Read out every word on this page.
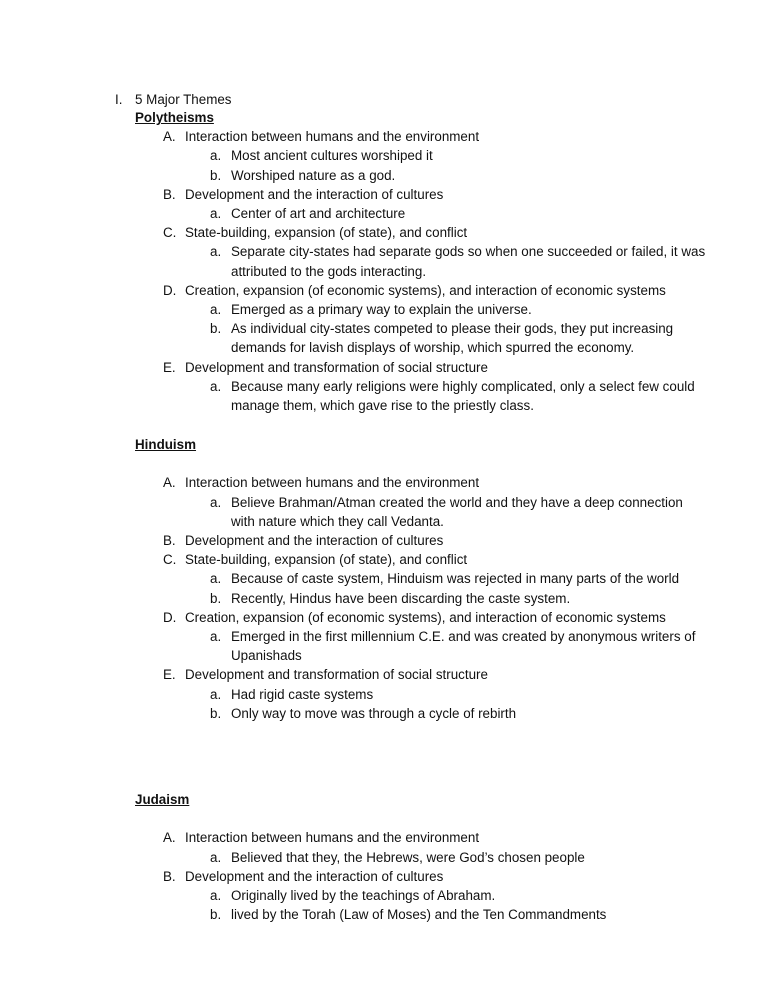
I. 5 Major Themes
Polytheisms
A. Interaction between humans and the environment
a. Most ancient cultures worshiped it
b. Worshiped nature as a god.
B. Development and the interaction of cultures
a. Center of art and architecture
C. State-building, expansion (of state), and conflict
a. Separate city-states had separate gods so when one succeeded or failed, it was
attributed to the gods interacting.
D. Creation, expansion (of economic systems), and interaction of economic systems
a. Emerged as a primary way to explain the universe.
b. As individual city-states competed to please their gods, they put increasing
demands for lavish displays of worship, which spurred the economy.
E. Development and transformation of social structure
a. Because many early religions were highly complicated, only a select few could
manage them, which gave rise to the priestly class.
Hinduism
A. Interaction between humans and the environment
a. Believe Brahman/Atman created the world and they have a deep connection
with nature which they call Vedanta.
B. Development and the interaction of cultures
C. State-building, expansion (of state), and conflict
a. Because of caste system, Hinduism was rejected in many parts of the world
b. Recently, Hindus have been discarding the caste system.
D. Creation, expansion (of economic systems), and interaction of economic systems
a. Emerged in the first millennium C.E. and was created by anonymous writers of
Upanishads
E. Development and transformation of social structure
a. Had rigid caste systems
b. Only way to move was through a cycle of rebirth
Judaism
A. Interaction between humans and the environment
a. Believed that they, the Hebrews, were God’s chosen people
B. Development and the interaction of cultures
a. Originally lived by the teachings of Abraham.
b. lived by the Torah (Law of Moses) and the Ten Commandments
